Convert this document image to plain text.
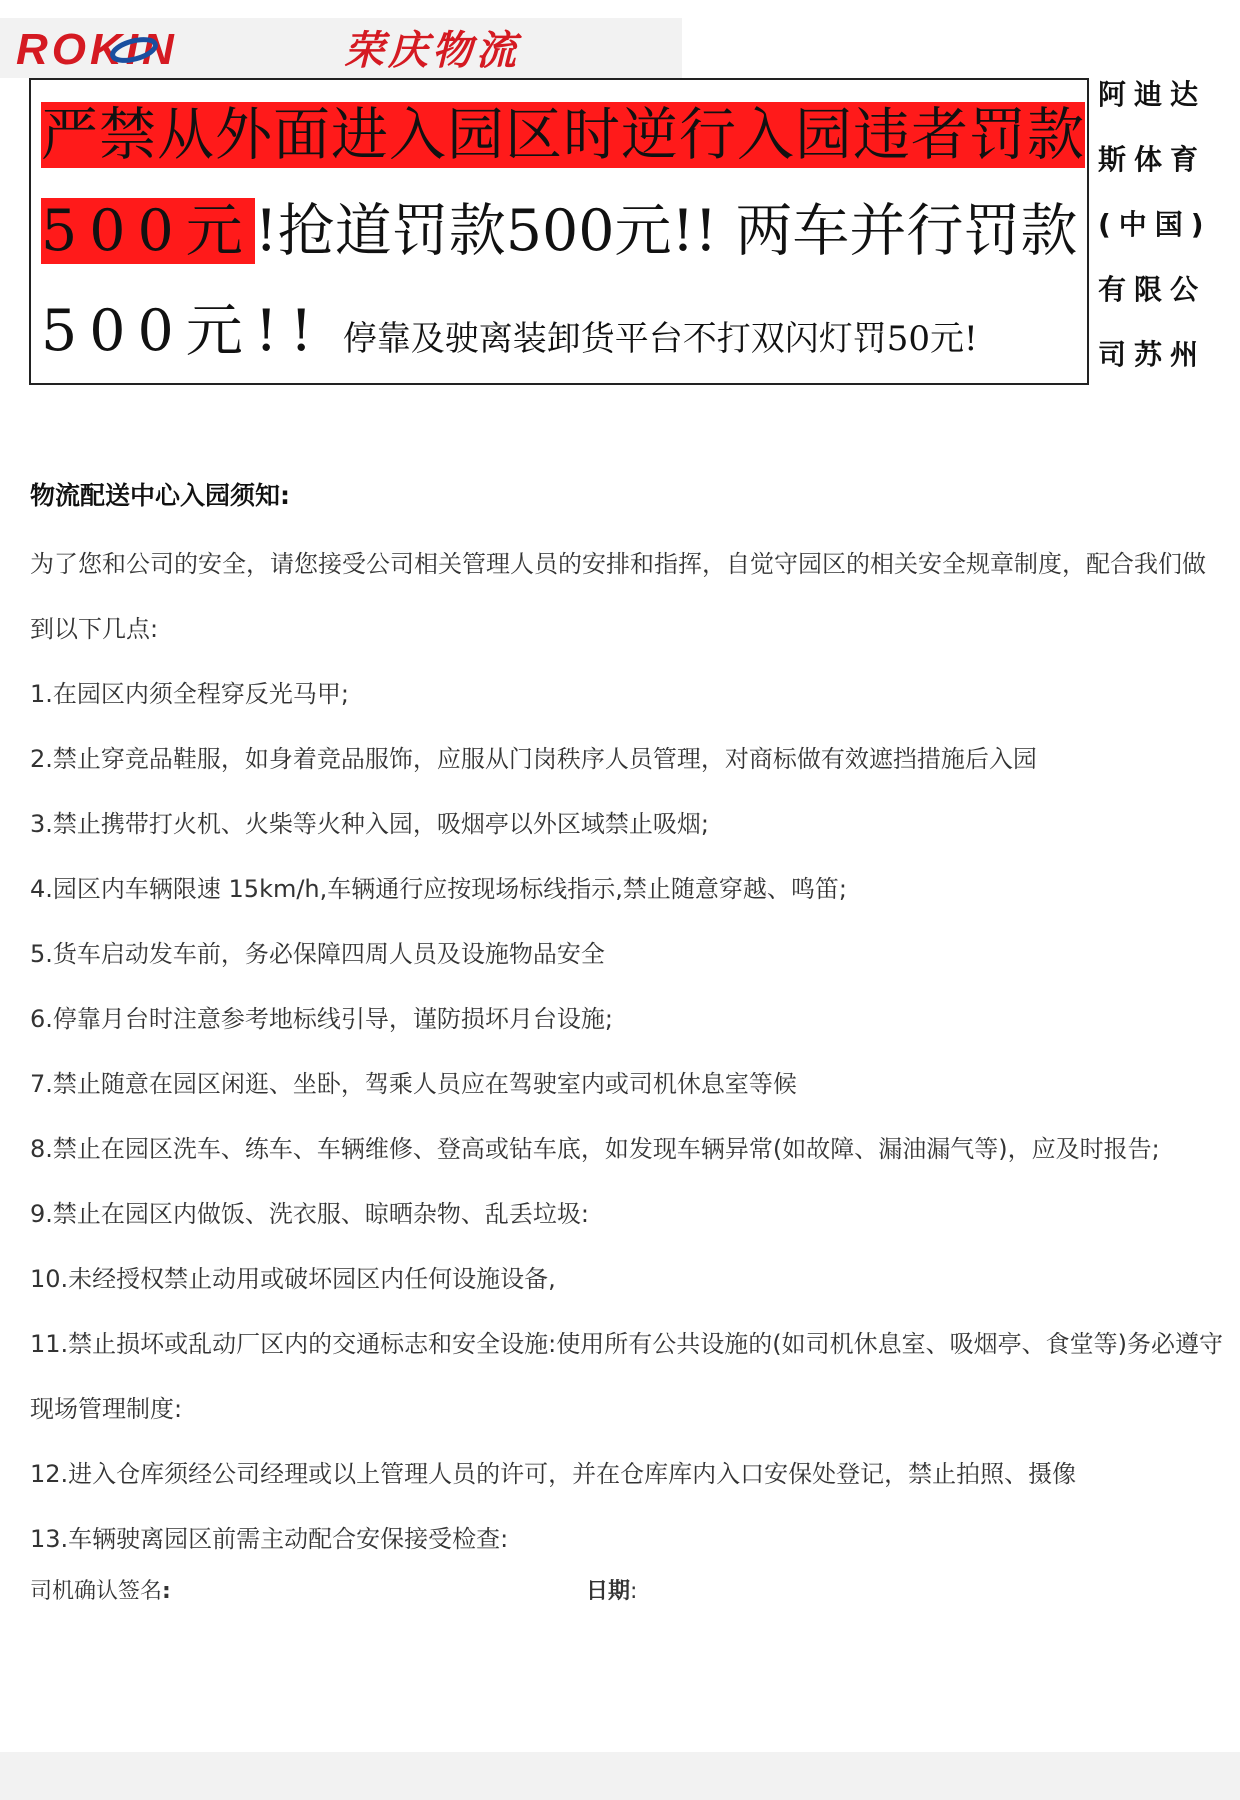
ROKIN	荣庆物流
严禁从外面进入园区时逆行入园违者罚款
500元!抢道罚款500元!! 两车并行罚款
500元!! 停靠及驶离装卸货平台不打双闪灯罚50元!
阿迪达
斯体育
(中国)
有限公
司苏州
物流配送中心入园须知:
为了您和公司的安全，请您接受公司相关管理人员的安排和指挥，自觉守园区的相关安全规章制度，配合我们做到以下几点:
1.在园区内须全程穿反光马甲;
2.禁止穿竞品鞋服，如身着竞品服饰，应服从门岗秩序人员管理，对商标做有效遮挡措施后入园
3.禁止携带打火机、火柴等火种入园，吸烟亭以外区域禁止吸烟;
4.园区内车辆限速 15km/h,车辆通行应按现场标线指示,禁止随意穿越、鸣笛;
5.货车启动发车前，务必保障四周人员及设施物品安全
6.停靠月台时注意参考地标线引导，谨防损坏月台设施;
7.禁止随意在园区闲逛、坐卧，驾乘人员应在驾驶室内或司机休息室等候
8.禁止在园区洗车、练车、车辆维修、登高或钻车底，如发现车辆异常(如故障、漏油漏气等)，应及时报告;
9.禁止在园区内做饭、洗衣服、晾晒杂物、乱丢垃圾:
10.未经授权禁止动用或破坏园区内任何设施设备,
11.禁止损坏或乱动厂区内的交通标志和安全设施:使用所有公共设施的(如司机休息室、吸烟亭、食堂等)务必遵守现场管理制度:
12.进入仓库须经公司经理或以上管理人员的许可，并在仓库库内入口安保处登记，禁止拍照、摄像
13.车辆驶离园区前需主动配合安保接受检查:
司机确认签名:	日期:
